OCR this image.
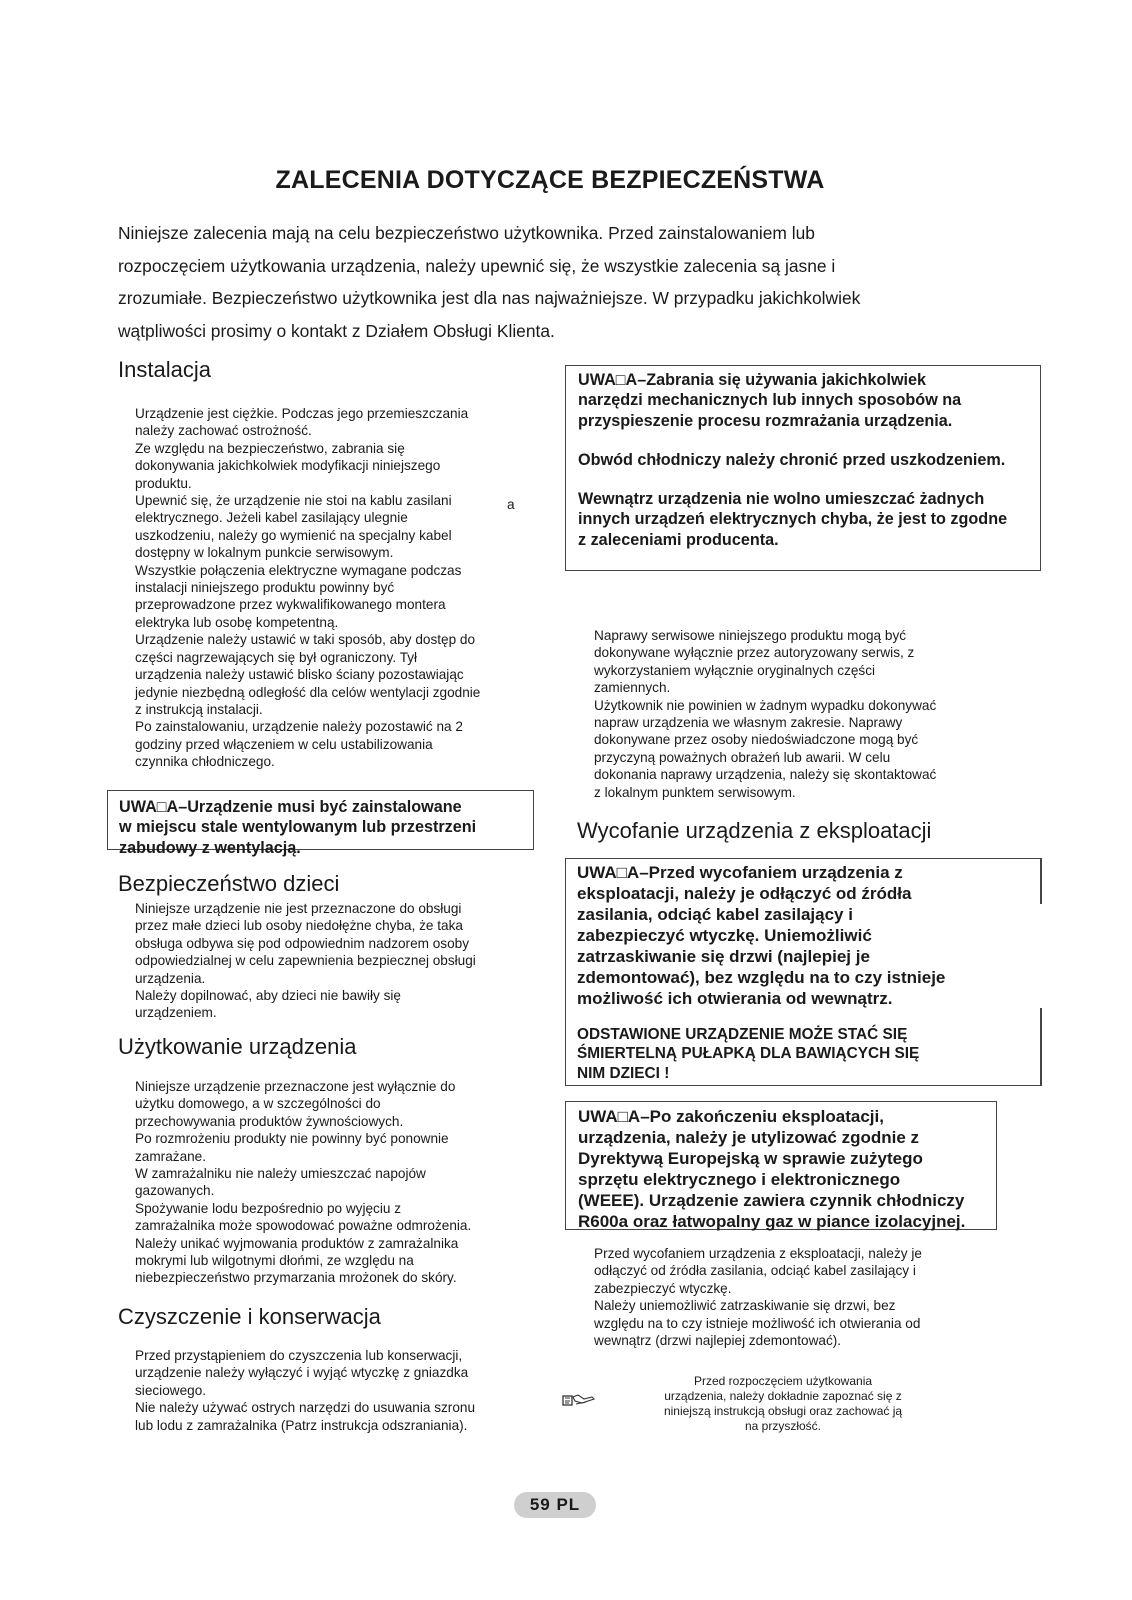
ZALECENIA DOTYCZĄCE BEZPIECZEŃSTWA
Niniejsze zalecenia mają na celu bezpieczeństwo użytkownika. Przed zainstalowaniem lub
rozpoczęciem użytkowania urządzenia, należy upewnić się, że wszystkie zalecenia są jasne i
zrozumiałe. Bezpieczeństwo użytkownika jest dla nas najważniejsze. W przypadku jakichkolwiek
wątpliwości prosimy o kontakt z Działem Obsługi Klienta.
Instalacja
Urządzenie jest ciężkie. Podczas jego przemieszczania
należy zachować ostrożność.
Ze względu na bezpieczeństwo, zabrania się
dokonywania jakichkolwiek modyfikacji niniejszego
produktu.
Upewnić się, że urządzenie nie stoi na kablu zasilani
elektrycznego. Jeżeli kabel zasilający ulegnie
uszkodzeniu, należy go wymienić na specjalny kabel
dostępny w lokalnym punkcie serwisowym.
Wszystkie połączenia elektryczne wymagane podczas
instalacji niniejszego produktu powinny być
przeprowadzone przez wykwalifikowanego montera
elektryka lub osobę kompetentną.
Urządzenie należy ustawić w taki sposób, aby dostęp do
części nagrzewających się był ograniczony. Tył
urządzenia należy ustawić blisko ściany pozostawiając
jedynie niezbędną odległość dla celów wentylacji zgodnie
z instrukcją instalacji.
Po zainstalowaniu, urządzenie należy pozostawić na 2
godziny przed włączeniem w celu ustabilizowania
czynnika chłodniczego.
a
UWA□A–Urządzenie musi być zainstalowane
w miejscu stale wentylowanym lub przestrzeni
zabudowy z wentylacją.
Bezpieczeństwo dzieci
Niniejsze urządzenie nie jest przeznaczone do obsługi
przez małe dzieci lub osoby niedołężne chyba, że taka
obsługa odbywa się pod odpowiednim nadzorem osoby
odpowiedzialnej w celu zapewnienia bezpiecznej obsługi
urządzenia.
Należy dopilnować, aby dzieci nie bawiły się
urządzeniem.
Użytkowanie urządzenia
Niniejsze urządzenie przeznaczone jest wyłącznie do
użytku domowego, a w szczególności do
przechowywania produktów żywnościowych.
Po rozmrożeniu produkty nie powinny być ponownie
zamrażane.
W zamrażalniku nie należy umieszczać napojów
gazowanych.
Spożywanie lodu bezpośrednio po wyjęciu z
zamrażalnika może spowodować poważne odmrożenia.
Należy unikać wyjmowania produktów z zamrażalnika
mokrymi lub wilgotnymi dłońmi, ze względu na
niebezpieczeństwo przymarzania mrożonek do skóry.
Czyszczenie i konserwacja
Przed przystąpieniem do czyszczenia lub konserwacji,
urządzenie należy wyłączyć i wyjąć wtyczkę z gniazdka
sieciowego.
Nie należy używać ostrych narzędzi do usuwania szronu
lub lodu z zamrażalnika (Patrz instrukcja odszraniania).
UWA□A–Zabrania się używania jakichkolwiek
narzędzi mechanicznych lub innych sposobów na
przyspieszenie procesu rozmrażania urządzenia.
Obwód chłodniczy należy chronić przed uszkodzeniem.
Wewnątrz urządzenia nie wolno umieszczać żadnych
innych urządzeń elektrycznych chyba, że jest to zgodne
z zaleceniami producenta.
Naprawy serwisowe niniejszego produktu mogą być
dokonywane wyłącznie przez autoryzowany serwis, z
wykorzystaniem wyłącznie oryginalnych części
zamiennych.
Użytkownik nie powinien w żadnym wypadku dokonywać
napraw urządzenia we własnym zakresie. Naprawy
dokonywane przez osoby niedoświadczone mogą być
przyczyną poważnych obrażeń lub awarii. W celu
dokonania naprawy urządzenia, należy się skontaktować
z lokalnym punktem serwisowym.
Wycofanie urządzenia z eksploatacji
UWA□A–Przed wycofaniem urządzenia z
eksploatacji, należy je odłączyć od źródła
zasilania, odciąć kabel zasilający i
zabezpieczyć wtyczkę. Uniemożliwić
zatrzaskiwanie się drzwi (najlepiej je
zdemontować), bez względu na to czy istnieje
możliwość ich otwierania od wewnątrz.
ODSTAWIONE URZĄDZENIE MOŻE STAĆ SIĘ
ŚMIERTELNĄ PUŁAPKĄ DLA BAWIĄCYCH SIĘ
NIM DZIECI !
UWA□A–Po zakończeniu eksploatacji,
urządzenia, należy je utylizować zgodnie z
Dyrektywą Europejską w sprawie zużytego
sprzętu elektrycznego i elektronicznego
(WEEE). Urządzenie zawiera czynnik chłodniczy
R600a oraz łatwopalny gaz w piance izolacyjnej.
Przed wycofaniem urządzenia z eksploatacji, należy je
odłączyć od źródła zasilania, odciąć kabel zasilający i
zabezpieczyć wtyczkę.
Należy uniemożliwić zatrzaskiwanie się drzwi, bez
względu na to czy istnieje możliwość ich otwierania od
wewnątrz (drzwi najlepiej zdemontować).
Przed rozpoczęciem użytkowania
urządzenia, należy dokładnie zapoznać się z
niniejszą instrukcją obsługi oraz zachować ją
na przyszłość.
59 PL
